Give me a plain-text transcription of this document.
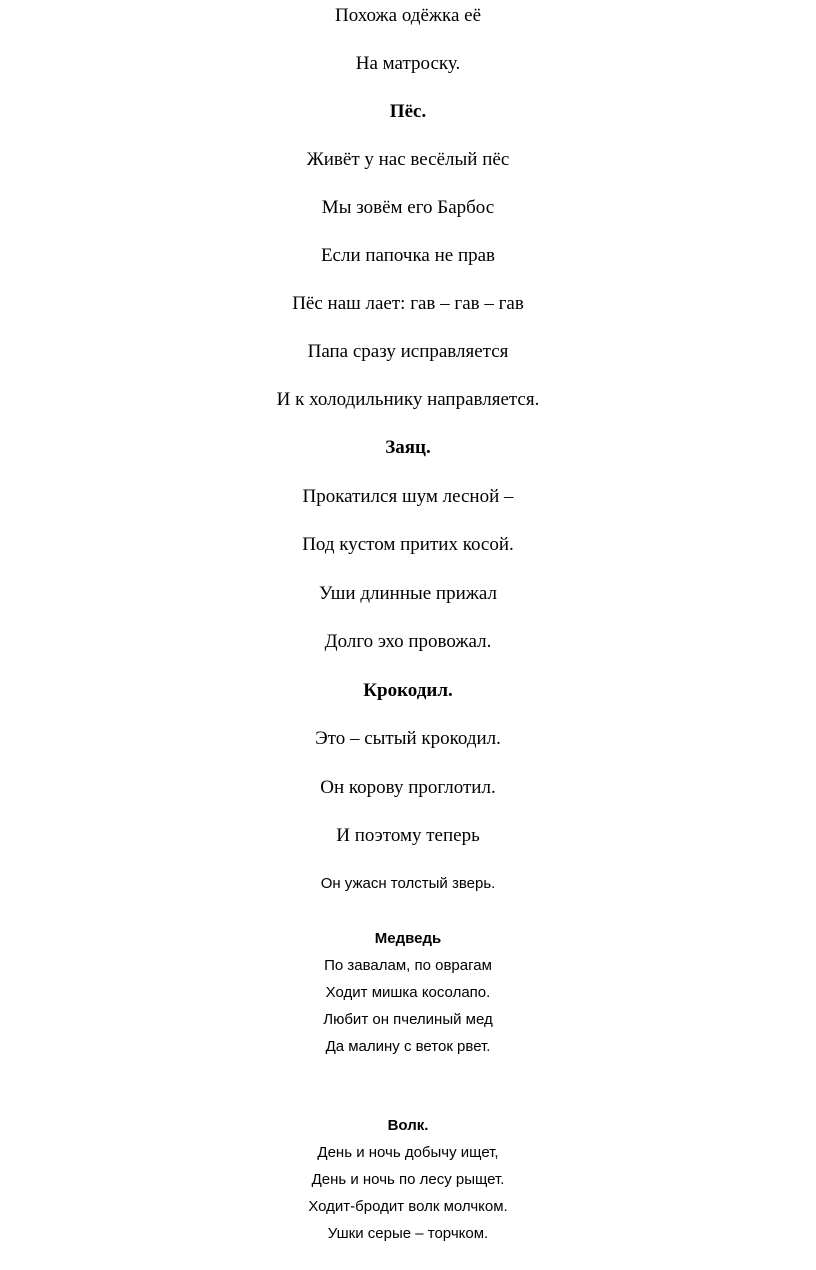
Похожа одёжка её
На матроску.
Пёс.
Живёт у нас весёлый пёс
Мы зовём его Барбос
Если папочка не прав
Пёс наш лает: гав – гав – гав
Папа сразу исправляется
И к холодильнику направляется.
Заяц.
Прокатился шум лесной –
Под кустом притих косой.
Уши длинные прижал
Долго эхо провожал.
Крокодил.
Это – сытый крокодил.
Он корову проглотил.
И поэтому теперь
Он ужасн толстый зверь.
Медведь
По завалам, по оврагам
Ходит мишка косолапо.
Любит он пчелиный мед
Да малину с веток рвет.
Волк.
День и ночь добычу ищет,
День и ночь по лесу рыщет.
Ходит-бродит волк молчком.
Ушки серые – торчком.
